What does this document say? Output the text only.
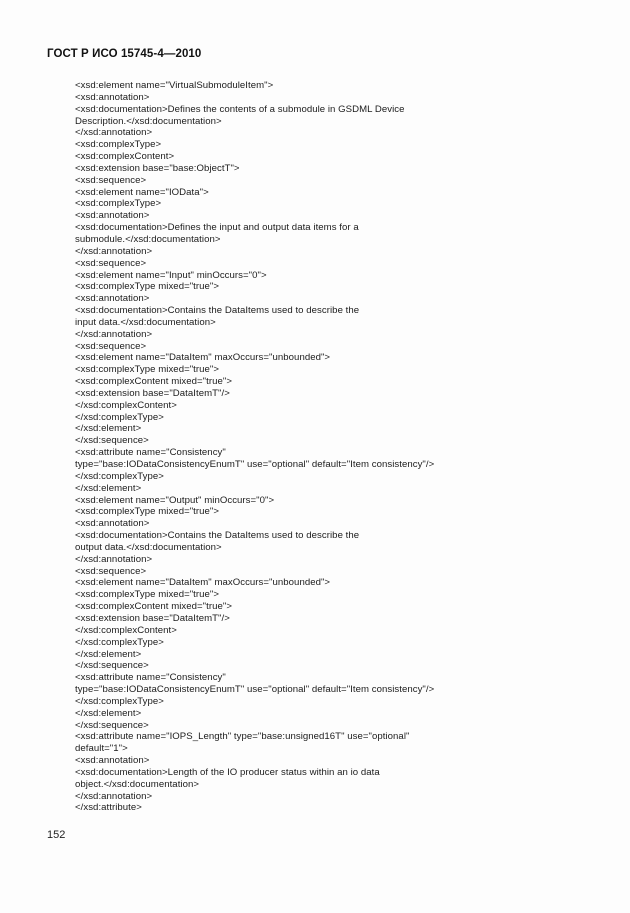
ГОСТ Р ИСО 15745-4—2010
<xsd:element name="VirtualSubmoduleItem">
<xsd:annotation>
<xsd:documentation>Defines the contents of a submodule in GSDML Device
Description.</xsd:documentation>
</xsd:annotation>
<xsd:complexType>
<xsd:complexContent>
<xsd:extension base="base:ObjectT">
<xsd:sequence>
<xsd:element name="IOData">
<xsd:complexType>
<xsd:annotation>
<xsd:documentation>Defines the input and output data items for a
submodule.</xsd:documentation>
</xsd:annotation>
<xsd:sequence>
<xsd:element name="Input" minOccurs="0">
<xsd:complexType mixed="true">
<xsd:annotation>
<xsd:documentation>Contains the DataItems used to describe the
input data.</xsd:documentation>
</xsd:annotation>
<xsd:sequence>
<xsd:element name="DataItem" maxOccurs="unbounded">
<xsd:complexType mixed="true">
<xsd:complexContent mixed="true">
<xsd:extension base="DataItemT"/>
</xsd:complexContent>
</xsd:complexType>
</xsd:element>
</xsd:sequence>
<xsd:attribute name="Consistency"
type="base:IODataConsistencyEnumT" use="optional" default="Item consistency"/>
</xsd:complexType>
</xsd:element>
<xsd:element name="Output" minOccurs="0">
<xsd:complexType mixed="true">
<xsd:annotation>
<xsd:documentation>Contains the DataItems used to describe the
output data.</xsd:documentation>
</xsd:annotation>
<xsd:sequence>
<xsd:element name="DataItem" maxOccurs="unbounded">
<xsd:complexType mixed="true">
<xsd:complexContent mixed="true">
<xsd:extension base="DataItemT"/>
</xsd:complexContent>
</xsd:complexType>
</xsd:element>
</xsd:sequence>
<xsd:attribute name="Consistency"
type="base:IODataConsistencyEnumT" use="optional" default="Item consistency"/>
</xsd:complexType>
</xsd:element>
</xsd:sequence>
<xsd:attribute name="IOPS_Length" type="base:unsigned16T" use="optional"
default="1">
<xsd:annotation>
<xsd:documentation>Length of the IO producer status within an io data
object.</xsd:documentation>
</xsd:annotation>
</xsd:attribute>
152
